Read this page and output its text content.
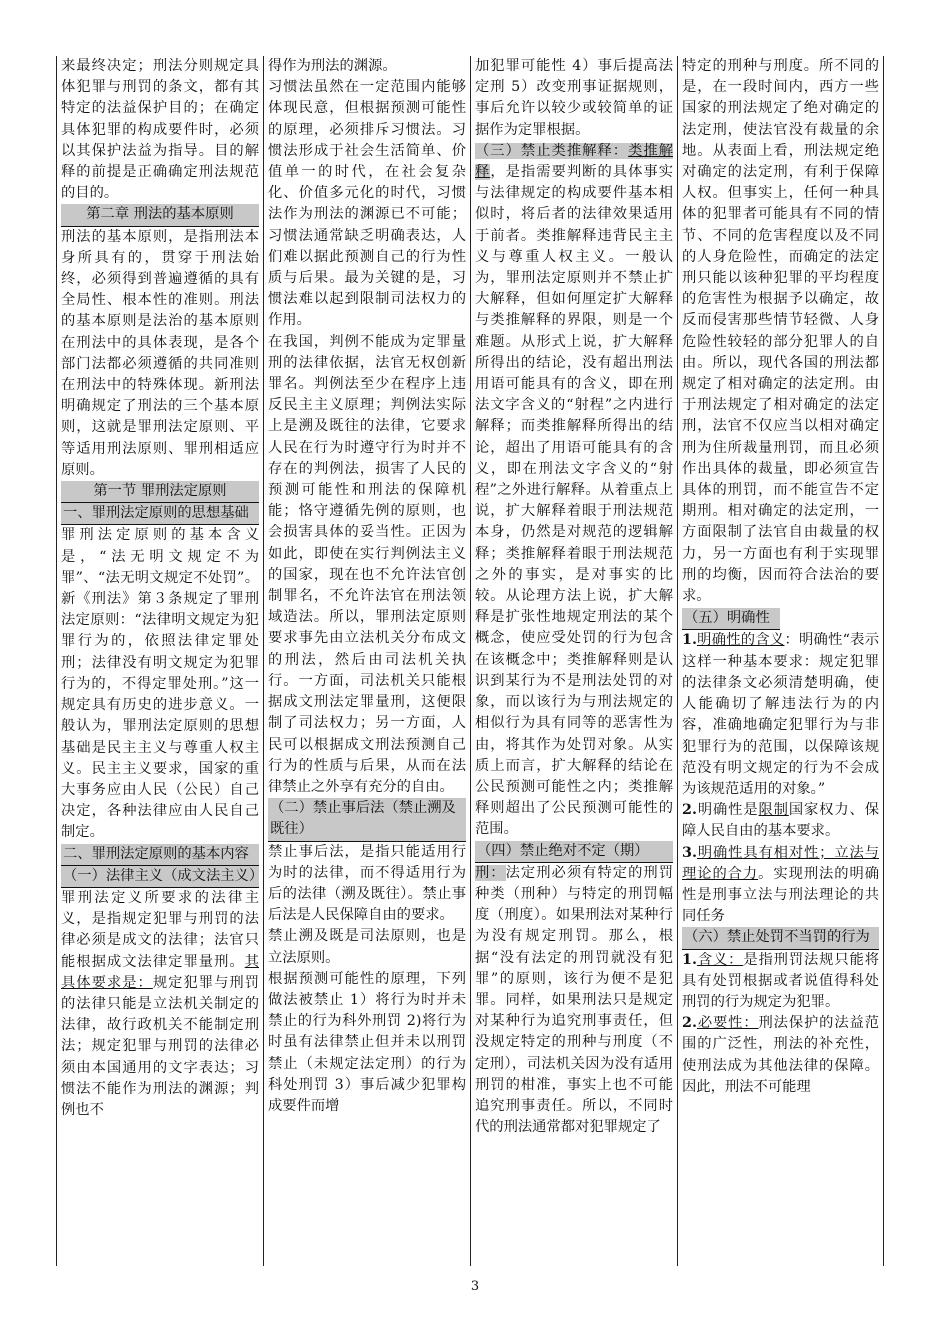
来最终决定；刑法分则规定具体犯罪与刑罚的条文，都有其特定的法益保护目的；在确定具体犯罪的构成要件时，必须以其保护法益为指导。目的解释的前提是正确确定刑法规范的目的。

第二章 刑法的基本原则

刑法的基本原则，是指刑法本身所具有的，贯穿于刑法始终，必须得到普遍遵循的具有全局性、根本性的准则。刑法的基本原则是法治的基本原则在刑法中的具体表现，是各个部门法都必须遵循的共同准则在刑法中的特殊体现。新刑法明确规定了刑法的三个基本原则，这就是罪刑法定原则、平等适用刑法原则、罪刑相适应原则。

第一节 罪刑法定原则
一、罪刑法定原则的思想基础

罪刑法定原则的基本含义是，“法无明文规定不为罪”、“法无明文规定不处罚”。新《刑法》第３条规定了罪刑法定原则：“法律明文规定为犯罪行为的，依照法律定罪处刑；法律没有明文规定为犯罪行为的，不得定罪处刑。”这一规定具有历史的进步意义。一般认为，罪刑法定原则的思想基础是民主主义与尊重人权主义。民主主义要求，国家的重大事务应由人民（公民）自己决定，各种法律应由人民自己制定。

二、罪刑法定原则的基本内容
（一）法律主义（成文法主义）

罪刑法定义所要求的法律主义，是指规定犯罪与刑罚的法律必须是成文的法律；法官只能根据成文法律定罪量刑。其具体要求是：规定犯罪与刑罚的法律只能是立法机关制定的法律，故行政机关不能制定刑法；规定犯罪与刑罚的法律必须由本国通用的文字表达；习惯法不能作为刑法的渊源；判例也不

得作为刑法的渊源。

习惯法虽然在一定范围内能够体现民意，但根据预测可能性的原理，必须排斥习惯法。习惯法形成于社会生活简单、价值单一的时代，在社会复杂化、价值多元化的时代，习惯法作为刑法的渊源已不可能；习惯法通常缺乏明确表达，人们难以据此预测自己的行为性质与后果。最为关键的是，习惯法难以起到限制司法权力的作用。

在我国，判例不能成为定罪量刑的法律依据，法官无权创新罪名。判例法至少在程序上违反民主主义原理；判例法实际上是溯及既往的法律，它要求人民在行为时遵守行为时并不存在的判例法，损害了人民的预测可能性和刑法的保障机能；恪守遵循先例的原则，也会损害具体的妥当性。正因为如此，即使在实行判例法主义的国家，现在也不允许法官创制罪名，不允许法官在刑法领域造法。所以，罪刑法定原则要求事先由立法机关分布成文的刑法，然后由司法机关执行。一方面，司法机关只能根据成文刑法定罪量刑，这便限制了司法权力；另一方面，人民可以根据成文刑法预测自己行为的性质与后果，从而在法律禁止之外享有充分的自由。

（二）禁止事后法（禁止溯及既往）

禁止事后法，是指只能适用行为时的法律，而不得适用行为后的法律（溯及既往）。禁止事后法是人民保障自由的要求。

禁止溯及既是司法原则，也是立法原则。

根据预测可能性的原理，下列做法被禁止 1）将行为时并未禁止的行为科外刑罚 2)将行为时虽有法律禁止但并未以刑罚禁止（未规定法定刑）的行为科处刑罚 3）事后减少犯罪构成要件而增

加犯罪可能性 4）事后提高法定刑 5）改变刑事证据规则，事后允许以较少或较简单的证据作为定罪根据。

（三）禁止类推解释：类推解释，是指需要判断的具体事实与法律规定的构成要件基本相似时，将后者的法律效果适用于前者。类推解释违背民主主义与尊重人权主义。一般认为，罪刑法定原则并不禁止扩大解释，但如何厘定扩大解释与类推解释的界限，则是一个难题。从形式上说，扩大解释所得出的结论，没有超出刑法用语可能具有的含义，即在刑法文字含义的“射程”之内进行解释；而类推解释所得出的结论，超出了用语可能具有的含义，即在刑法文字含义的“射程”之外进行解释。从着重点上说，扩大解释着眼于刑法规范本身，仍然是对规范的逻辑解释；类推解释着眼于刑法规范之外的事实，是对事实的比较。从论理方法上说，扩大解释是扩张性地规定刑法的某个概念，使应受处罚的行为包含在该概念中；类推解释则是认识到某行为不是刑法处罚的对象，而以该行为与刑法规定的相似行为具有同等的恶害性为由，将其作为处罚对象。从实质上而言，扩大解释的结论在公民预测可能性之内；类推解释则超出了公民预测可能性的范围。

（四）禁止绝对不定（期）

刑：法定刑必须有特定的刑罚种类（刑种）与特定的刑罚幅度（刑度）。如果刑法对某种行为没有规定刑罚。那么，根据“没有法定的刑罚就没有犯罪”的原则，该行为便不是犯罪。同样，如果刑法只是规定对某种行为追究刑事责任，但没规定特定的刑种与刑度（不定刑），司法机关因为没有适用刑罚的柑准，事实上也不可能追究刑事责任。所以，不同时代的刑法通常都对犯罪规定了

特定的刑种与刑度。所不同的是，在一段时间内，西方一些国家的刑法规定了绝对确定的法定刑，使法官没有裁量的余地。从表面上看，刑法规定绝对确定的法定刑，有利于保障人权。但事实上，任何一种具体的犯罪者可能具有不同的情节、不同的危害程度以及不同的人身危险性，而确定的法定刑只能以该种犯罪的平均程度的危害性为根据予以确定，故反而侵害那些情节轻微、人身危险性较轻的部分犯罪人的自由。所以，现代各国的刑法都规定了相对确定的法定刑。由于刑法规定了相对确定的法定刑，法官不仅应当以相对确定刑为住所裁量刑罚，而且必须作出具体的裁量，即必须宣告具体的刑罚，而不能宣告不定期刑。相对确定的法定刑，一方面限制了法官自由裁量的权力，另一方面也有利于实现罪刑的均衡，因而符合法治的要求。

（五）明确性

1.明确性的含义：明确性“表示这样一种基本要求：规定犯罪的法律条文必须清楚明确，使人能确切了解违法行为的内容，准确地确定犯罪行为与非犯罪行为的范围，以保障该规范没有明文规定的行为不会成为该规范适用的对象。”

2.明确性是限制国家权力、保障人民自由的基本要求。

3.明确性具有相对性；立法与理论的合力。实现刑法的明确性是刑事立法与刑法理论的共同任务

（六）禁止处罚不当罚的行为

1.含义：是指刑罚法规只能将具有处罚根据或者说值得科处刑罚的行为规定为犯罪。

2.必要性：刑法保护的法益范围的广泛性，刑法的补充性，使刑法成为其他法律的保障。因此，刑法不可能理

3
